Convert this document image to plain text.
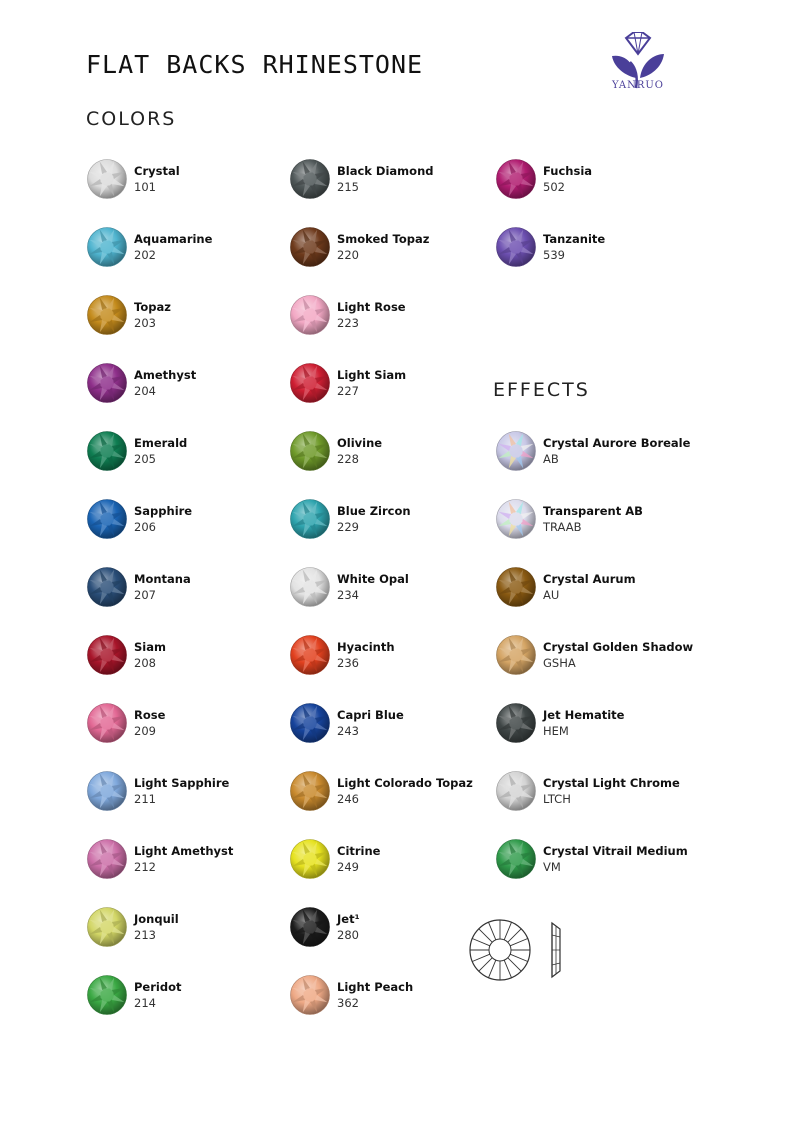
FLAT BACKS RHINESTONE
YANRUO
COLORS
EFFECTS
Crystal
101
Aquamarine
202
Topaz
203
Amethyst
204
Emerald
205
Sapphire
206
Montana
207
Siam
208
Rose
209
Light Sapphire
211
Light Amethyst
212
Jonquil
213
Peridot
214
Black Diamond
215
Smoked Topaz
220
Light Rose
223
Light Siam
227
Olivine
228
Blue Zircon
229
White Opal
234
Hyacinth
236
Capri Blue
243
Light Colorado Topaz
246
Citrine
249
Jet¹
280
Light Peach
362
Fuchsia
502
Tanzanite
539
Crystal Aurore Boreale
AB
Transparent AB
TRAAB
Crystal Aurum
AU
Crystal Golden Shadow
GSHA
Jet Hematite
HEM
Crystal Light Chrome
LTCH
Crystal Vitrail Medium
VM
